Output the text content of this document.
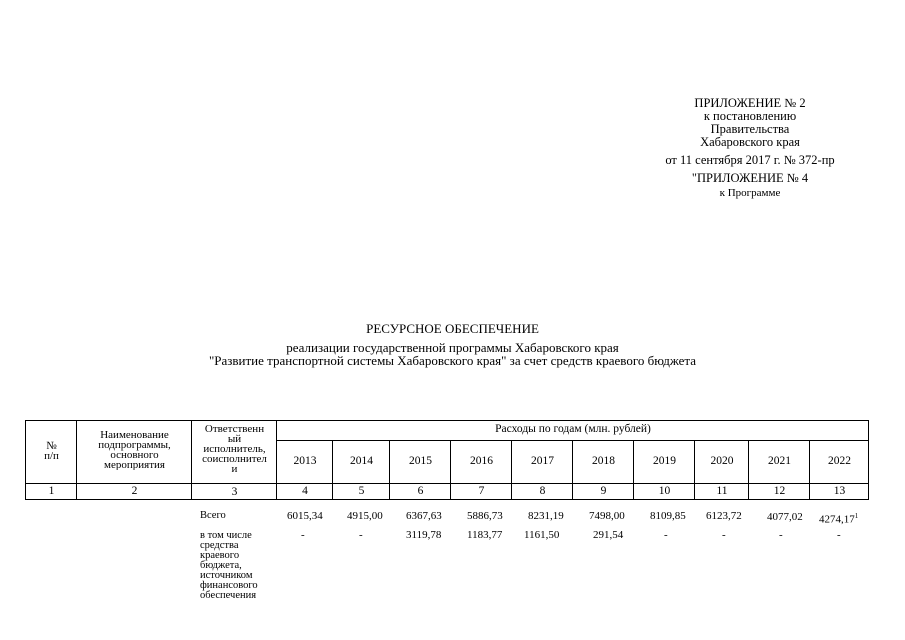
ПРИЛОЖЕНИЕ № 2
к постановлению
Правительства
Хабаровского края
от 11 сентября 2017 г. № 372-пр
"ПРИЛОЖЕНИЕ № 4
к Программе
РЕСУРСНОЕ ОБЕСПЕЧЕНИЕ
реализации государственной программы Хабаровского края
"Развитие транспортной системы Хабаровского края" за счет средств краевого бюджета
№
п/п
Наименование
подпрограммы,
основного
мероприятия
Ответственн
ый
исполнитель,
соисполнител
и
Расходы по годам (млн. рублей)
2013	2014	2015	2016	2017	2018	2019	2020	2021	2022
1	2	3	4	5	6	7	8	9	10	11	12	13
Всего	6015,34 4915,00 6367,63 5886,73 8231,19 7498,00 8109,85 6123,72 4077,02 4274,17$^1$
в том числе
средства
краевого
бюджета,
источником
финансового
обеспечения
-	-	3119,78 1183,77 1161,50	291,54	-	-	-	-
